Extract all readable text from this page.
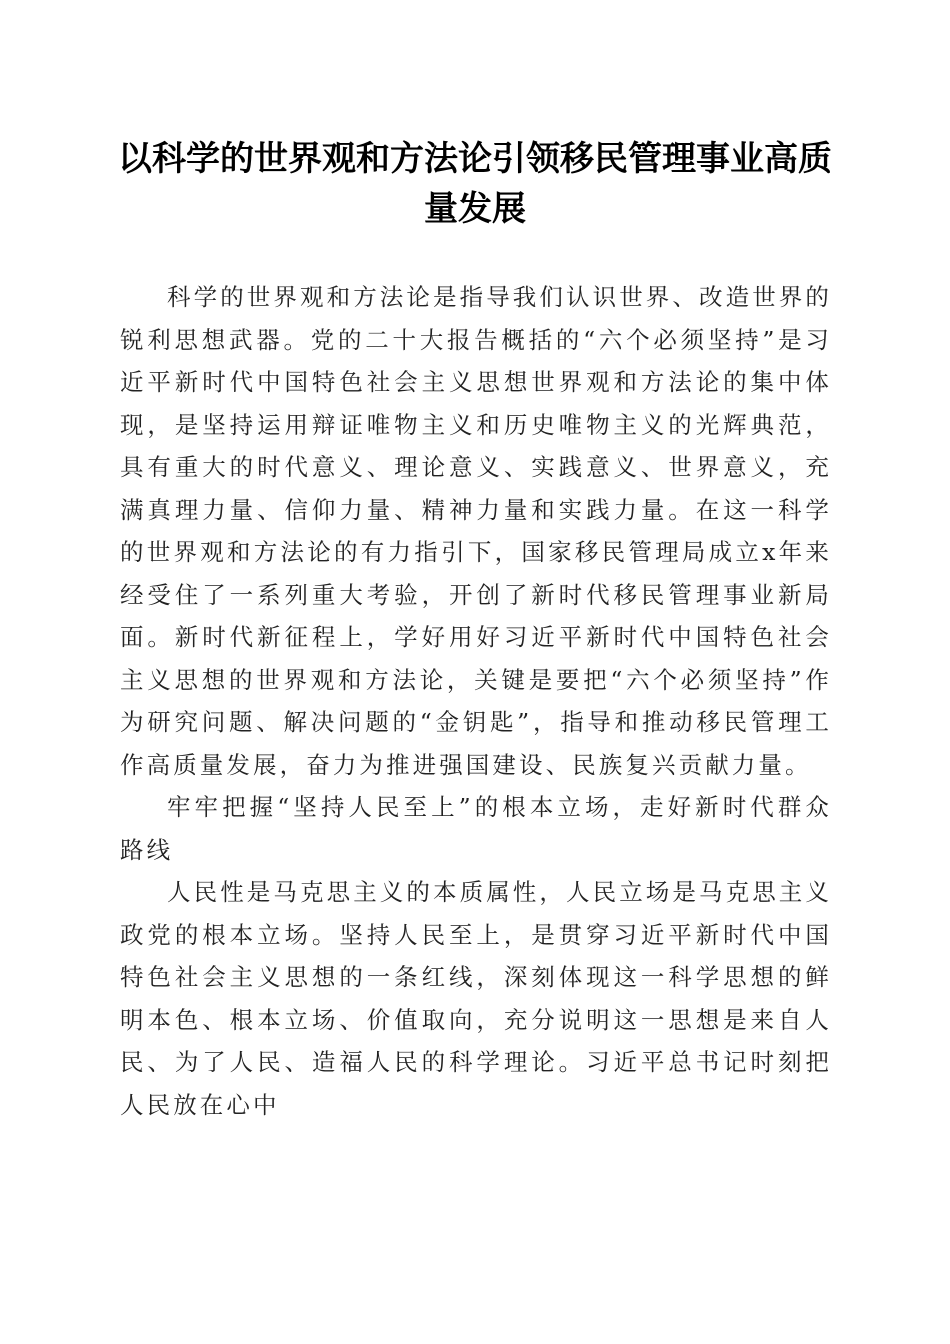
以科学的世界观和方法论引领移民管理事业高质量发展

科学的世界观和方法论是指导我们认识世界、改造世界的锐利思想武器。党的二十大报告概括的“六个必须坚持”是习近平新时代中国特色社会主义思想世界观和方法论的集中体现，是坚持运用辩证唯物主义和历史唯物主义的光辉典范，具有重大的时代意义、理论意义、实践意义、世界意义，充满真理力量、信仰力量、精神力量和实践力量。在这一科学的世界观和方法论的有力指引下，国家移民管理局成立x年来经受住了一系列重大考验，开创了新时代移民管理事业新局面。新时代新征程上，学好用好习近平新时代中国特色社会主义思想的世界观和方法论，关键是要把“六个必须坚持”作为研究问题、解决问题的“金钥匙”，指导和推动移民管理工作高质量发展，奋力为推进强国建设、民族复兴贡献力量。

牢牢把握“坚持人民至上”的根本立场，走好新时代群众路线

人民性是马克思主义的本质属性，人民立场是马克思主义政党的根本立场。坚持人民至上，是贯穿习近平新时代中国特色社会主义思想的一条红线，深刻体现这一科学思想的鲜明本色、根本立场、价值取向，充分说明这一思想是来自人民、为了人民、造福人民的科学理论。习近平总书记时刻把人民放在心中
